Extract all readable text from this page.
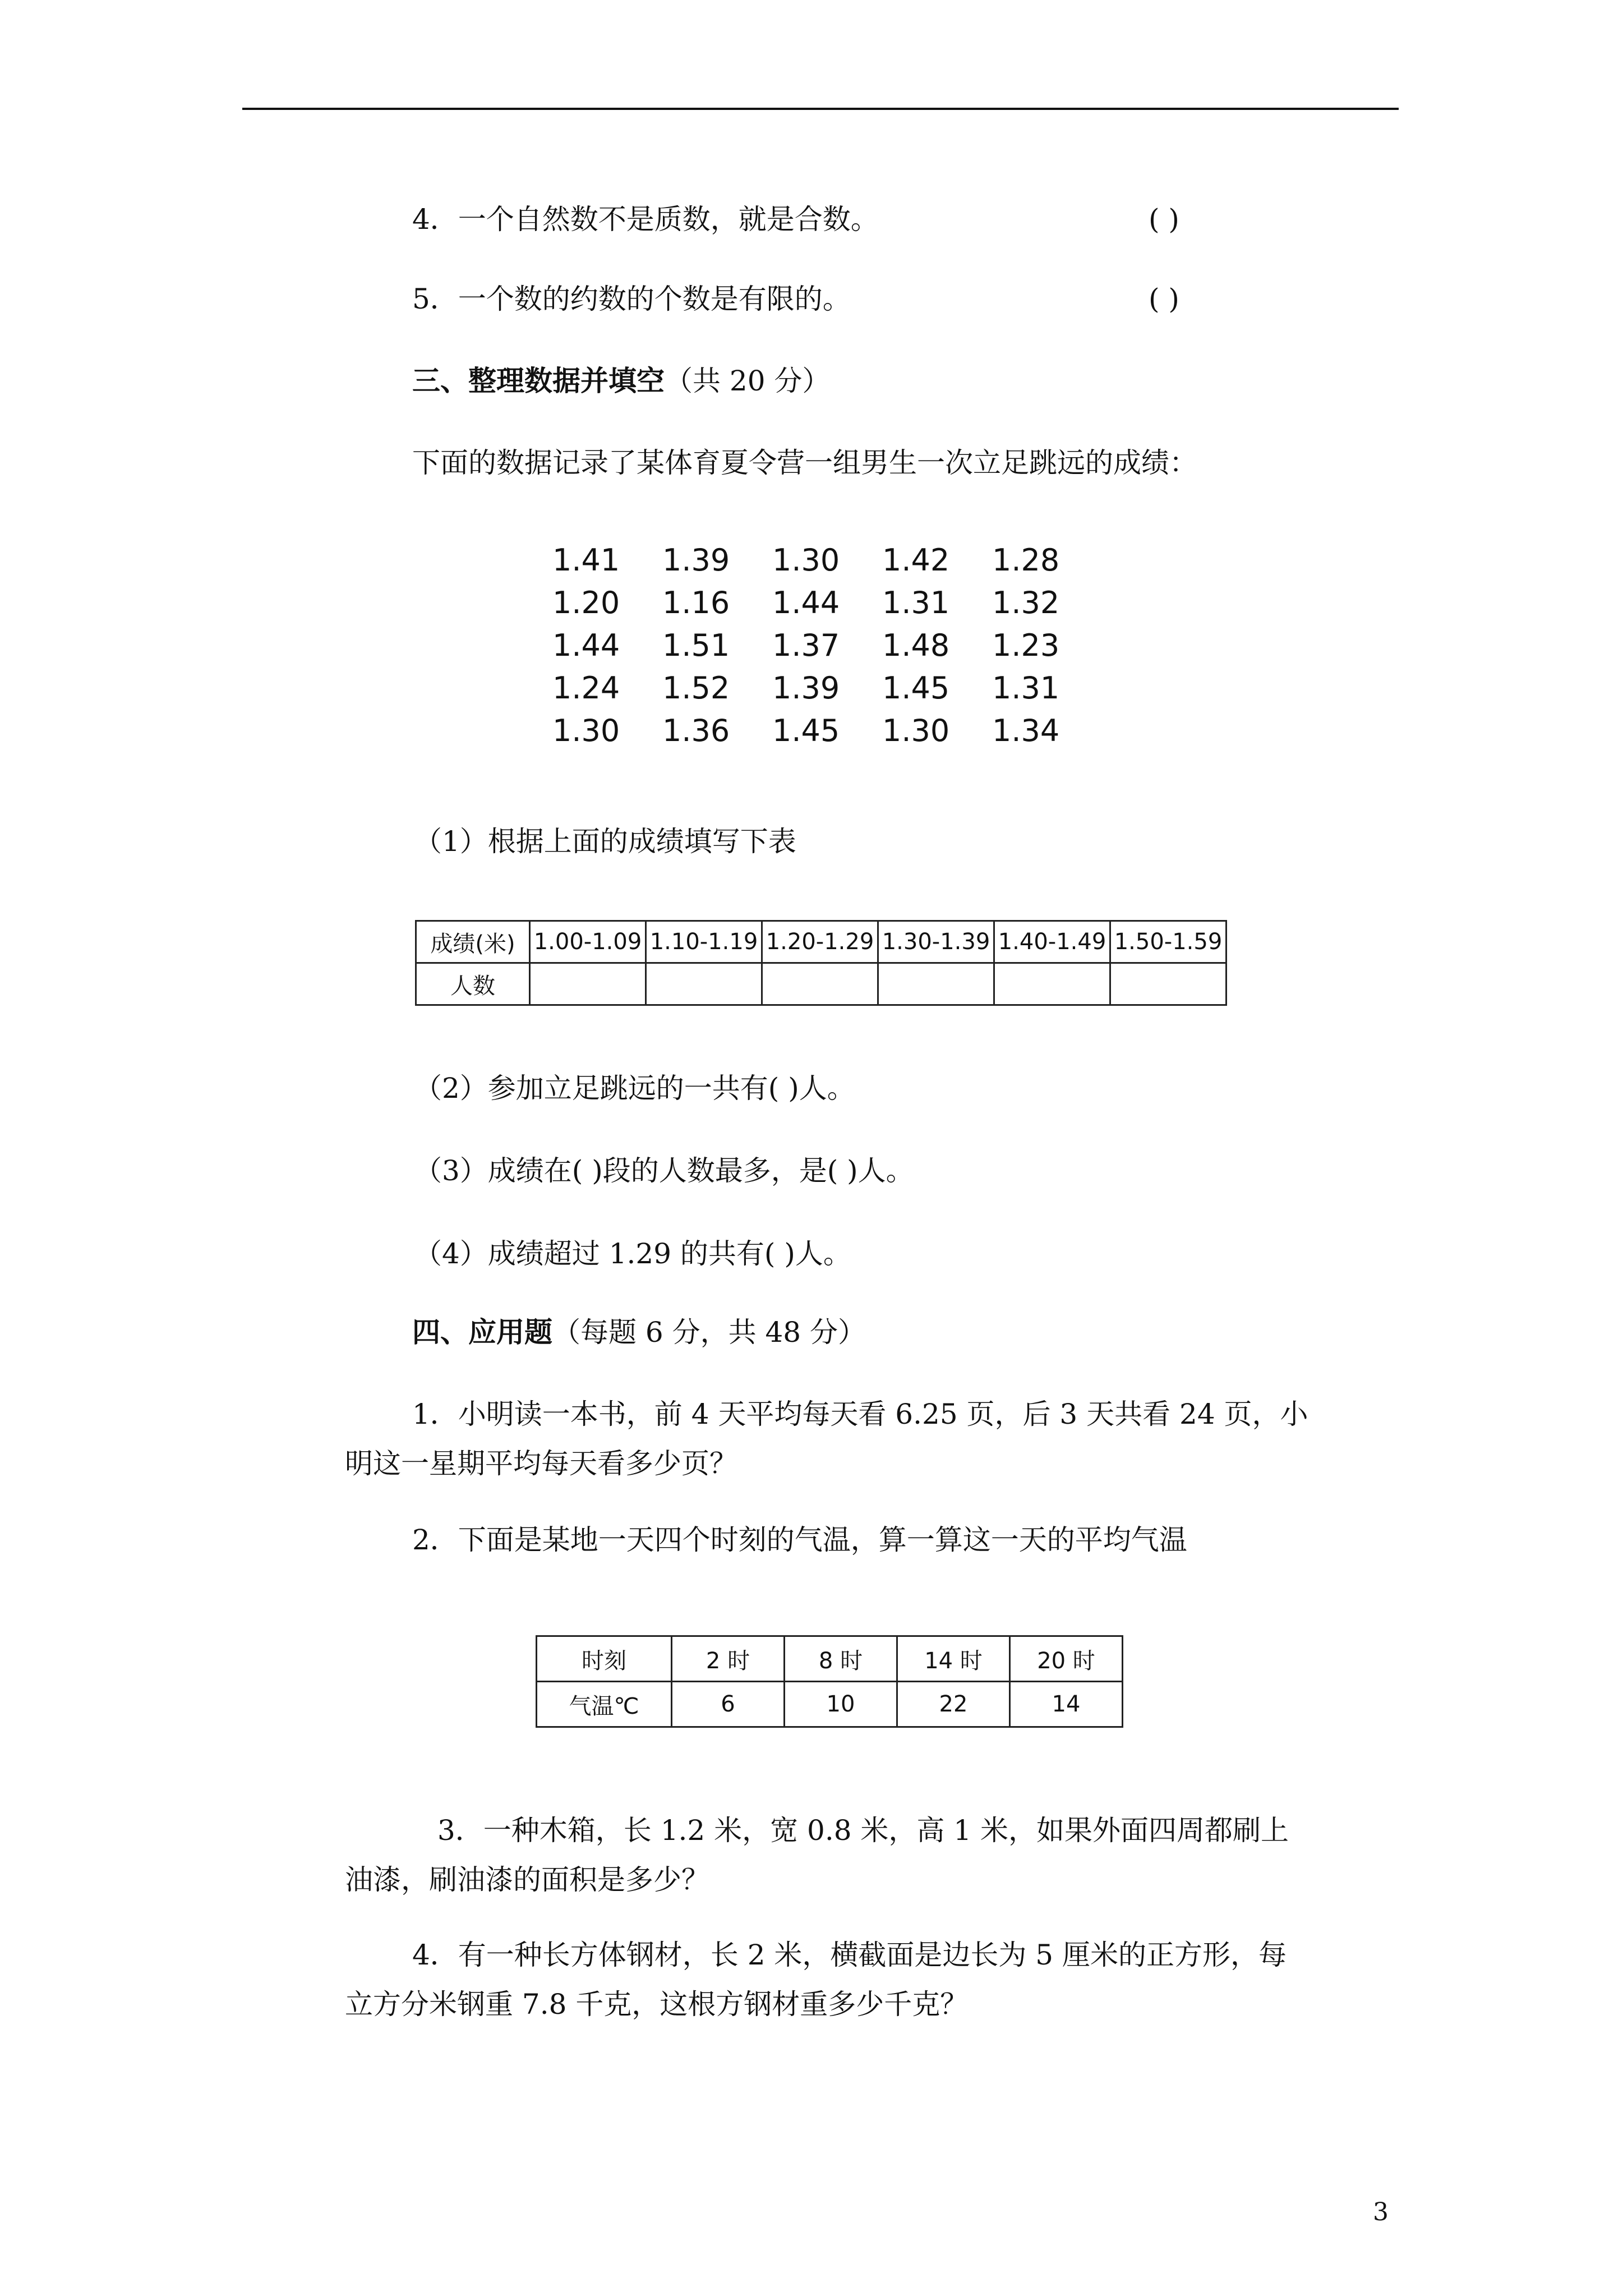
4．一个自然数不是质数，就是合数。	( )
5．一个数的约数的个数是有限的。	( )
三、整理数据并填空（共 20 分）
下面的数据记录了某体育夏令营一组男生一次立足跳远的成绩：
1.41	1.39	1.30	1.42	1.28
1.20	1.16	1.44	1.31	1.32
1.44	1.51	1.37	1.48	1.23
1.24	1.52	1.39	1.45	1.31
1.30	1.36	1.45	1.30	1.34
（1）根据上面的成绩填写下表
成绩(米)	1.00-1.09	1.10-1.19	1.20-1.29	1.30-1.39	1.40-1.49	1.50-1.59
人数						
（2）参加立足跳远的一共有( )人。
（3）成绩在( )段的人数最多，是( )人。
（4）成绩超过 1.29 的共有( )人。
四、应用题（每题 6 分，共 48 分）
1．小明读一本书，前 4 天平均每天看 6.25 页，后 3 天共看 24 页，小
明这一星期平均每天看多少页？
2．下面是某地一天四个时刻的气温，算一算这一天的平均气温
时刻	2 时	8 时	14 时	20 时
气温℃	6	10	22	14
3．一种木箱，长 1.2 米，宽 0.8 米，高 1 米，如果外面四周都刷上
油漆，刷油漆的面积是多少？
4．有一种长方体钢材，长 2 米，横截面是边长为 5 厘米的正方形，每
立方分米钢重 7.8 千克，这根方钢材重多少千克？
3
